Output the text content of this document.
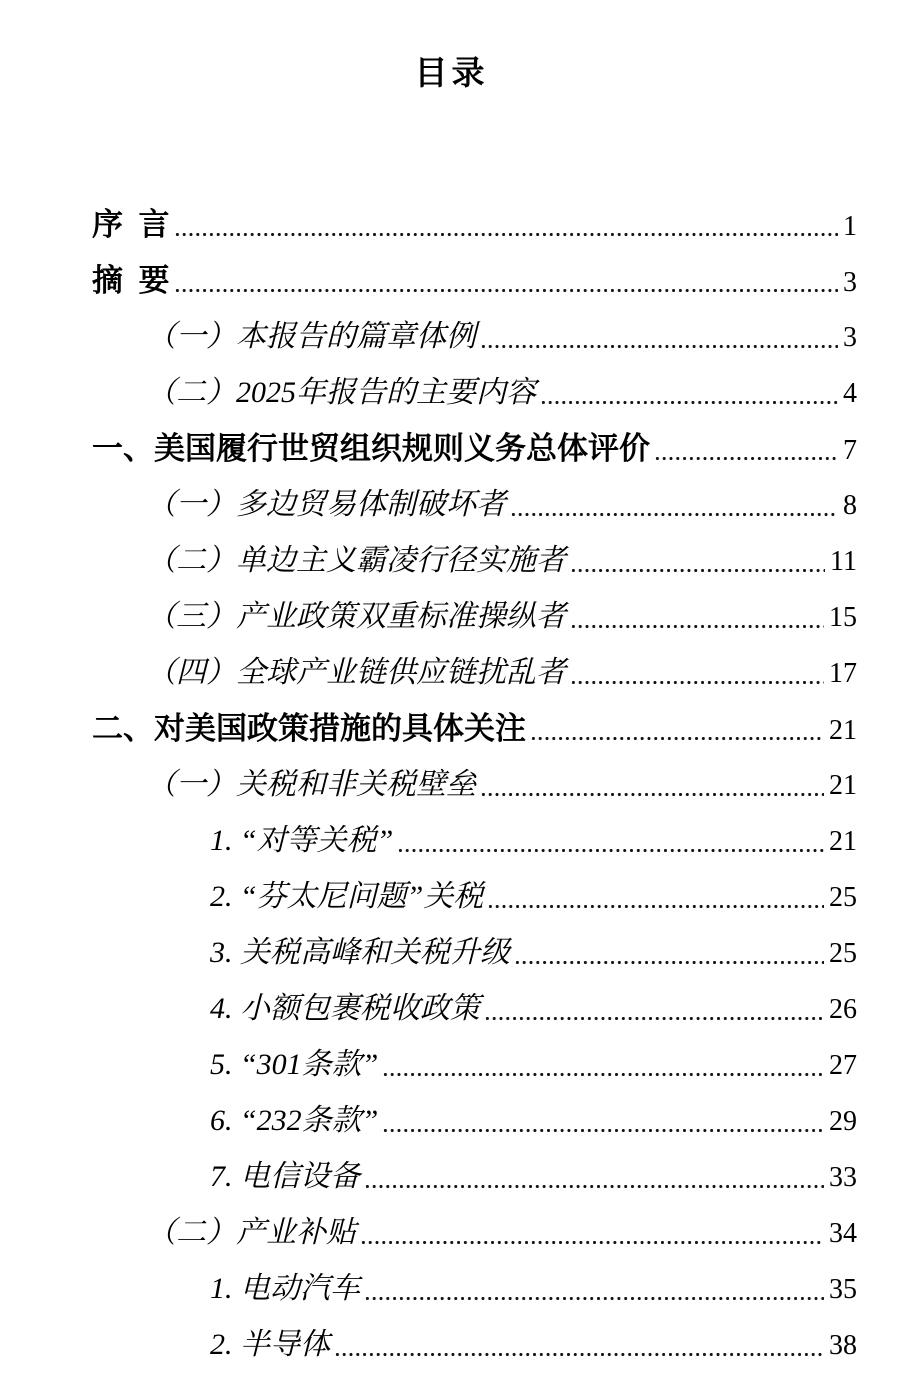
目录
序 言	1
摘 要	3
（一）本报告的篇章体例	3
（二）2025年报告的主要内容	4
一、美国履行世贸组织规则义务总体评价	7
（一）多边贸易体制破坏者	8
（二）单边主义霸凌行径实施者	11
（三）产业政策双重标准操纵者	15
（四）全球产业链供应链扰乱者	17
二、对美国政策措施的具体关注	21
（一）关税和非关税壁垒	21
1. “对等关税”	21
2. “芬太尼问题”关税	25
3. 关税高峰和关税升级	25
4. 小额包裹税收政策	26
5. “301条款”	27
6. “232条款”	29
7. 电信设备	33
（二）产业补贴	34
1. 电动汽车	35
2. 半导体	38
